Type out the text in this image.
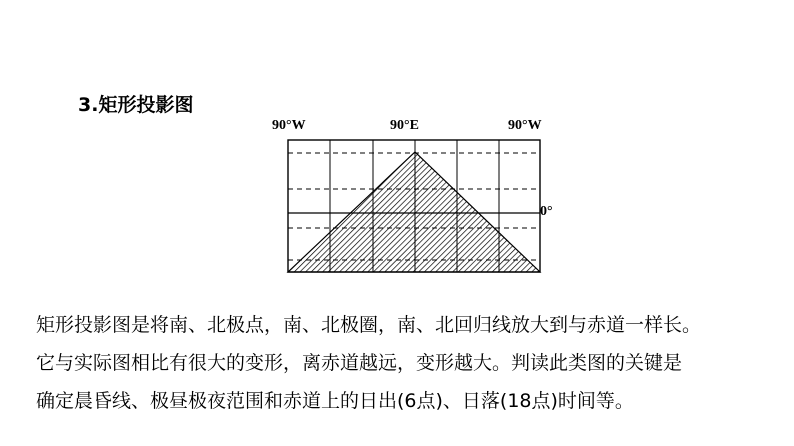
3.矩形投影图
90°W	90°E	90°W
0°

矩形投影图是将南、北极点，南、北极圈，南、北回归线放大到与赤道一样长。

它与实际图相比有很大的变形，离赤道越远，变形越大。判读此类图的关键是

确定晨昏线、极昼极夜范围和赤道上的日出(6点)、日落(18点)时间等。
